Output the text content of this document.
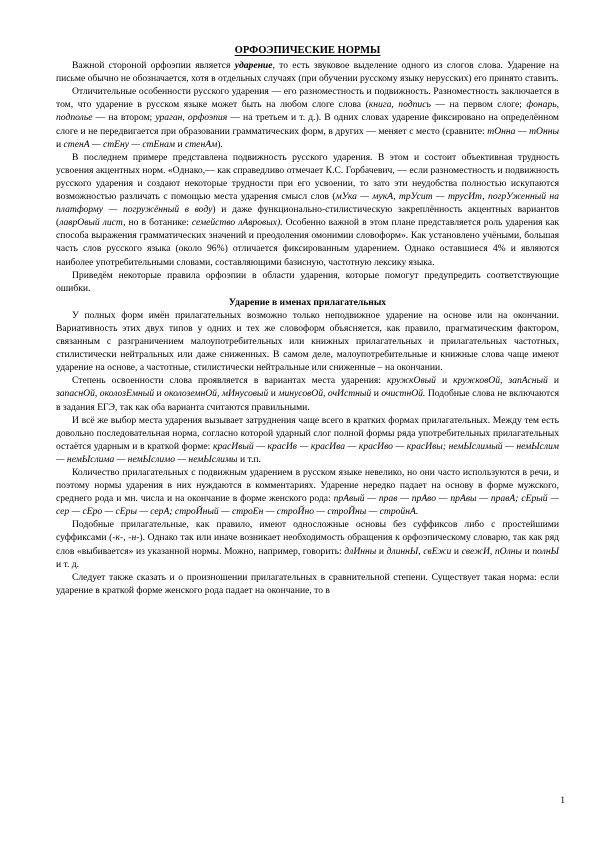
ОРФОЭПИЧЕСКИЕ НОРМЫ

Важной стороной орфоэпии является ударение, то есть звуковое выделение одного из слогов слова. Ударение на письме обычно не обозначается, хотя в отдельных случаях (при обучении русскому языку нерусских) его принято ставить.

Отличительные особенности русского ударения — его разноместность и подвижность. Разноместность заключается в том, что ударение в русском языке может быть на любом слоге слова (книга, подпись — на первом слоге; фонарь, подполье — на втором; ураган, орфоэпия — на третьем и т. д.). В одних словах ударение фиксировано на определённом слоге и не передвигается при образовании грамматических форм, в других — меняет с место (сравните: тОнна — тОнны и стенА — стЕну — стЕнам и стенАм).

В последнем примере представлена подвижность русского ударения. В этом и состоит объективная трудность усвоения акцентных норм. «Однако,— как справедливо отмечает К.С. Горбачевич, — если разноместность и подвижность русского ударения и создают некоторые трудности при его усвоении, то зато эти неудобства полностью искупаются возможностью различать с помощью места ударения смысл слов (мУка — мукА, трУсит — трусИт, погрУженный на платформу — погружённый в воду) и даже функционально-стилистическую закреплённость акцентных вариантов (лаврОвый лист, но в ботанике: семейство лАвровых). Особенно важной в этом плане представляется роль ударения как способа выражения грамматических значений и преодоления омонимии словоформ». Как установлено учёными, большая часть слов русского языка (около 96%) отличается фиксированным ударением. Однако оставшиеся 4% и являются наиболее употребительными словами, составляющими базисную, частотную лексику языка.

Приведём некоторые правила орфоэпии в области ударения, которые помогут предупредить соответствующие ошибки.

Ударение в именах прилагательных

У полных форм имён прилагательных возможно только неподвижное ударение на основе или на окончании. Вариативность этих двух типов у одних и тех же словоформ объясняется, как правило, прагматическим фактором, связанным с разграничением малоупотребительных или книжных прилагательных и прилагательных частотных, стилистически нейтральных или даже сниженных. В самом деле, малоупотребительные и книжные слова чаще имеют ударение на основе, а частотные, стилистически нейтральные или сниженные – на окончании.

Степень освоенности слова проявляется в вариантах места ударения: кружкОвый и кружковОй, запАсный и запаснОй, околозЕмный и околоземнОй, мИнусовый и минусовОй, очИстный и очистнОй. Подобные слова не включаются в задания ЕГЭ, так как оба варианта считаются правильными.

И всё же выбор места ударения вызывает затруднения чаще всего в кратких формах прилагательных. Между тем есть довольно последовательная норма, согласно которой ударный слог полной формы ряда употребительных прилагательных остаётся ударным и в краткой форме: красИвый — красИв — красИва — красИво — красИвы; немЫслимый — немЫслим — немЫслима — немЫслимо — немЫслимы и т.п.

Количество прилагательных с подвижным ударением в русском языке невелико, но они часто используются в речи, и поэтому нормы ударения в них нуждаются в комментариях. Ударение нередко падает на основу в форме мужского, среднего рода и мн. числа и на окончание в форме женского рода: прАвый — прав — прАво — прАвы — правА; сЕрый — сер — сЕро — сЕры — серА; строЙный — строЕн — строЙно — строЙны — стройнА.

Подобные прилагательные, как правило, имеют односложные основы без суффиксов либо с простейшими суффиксами (-к-, -н-). Однако так или иначе возникает необходимость обращения к орфоэпическому словарю, так как ряд слов «выбивается» из указанной нормы. Можно, например, говорить: длИнны и длиннЫ, свЕжи и свежИ, пОлны и полнЫ и т. д.

Следует также сказать и о произношении прилагательных в сравнительной степени. Существует такая норма: если ударение в краткой форме женского рода падает на окончание, то в

1
